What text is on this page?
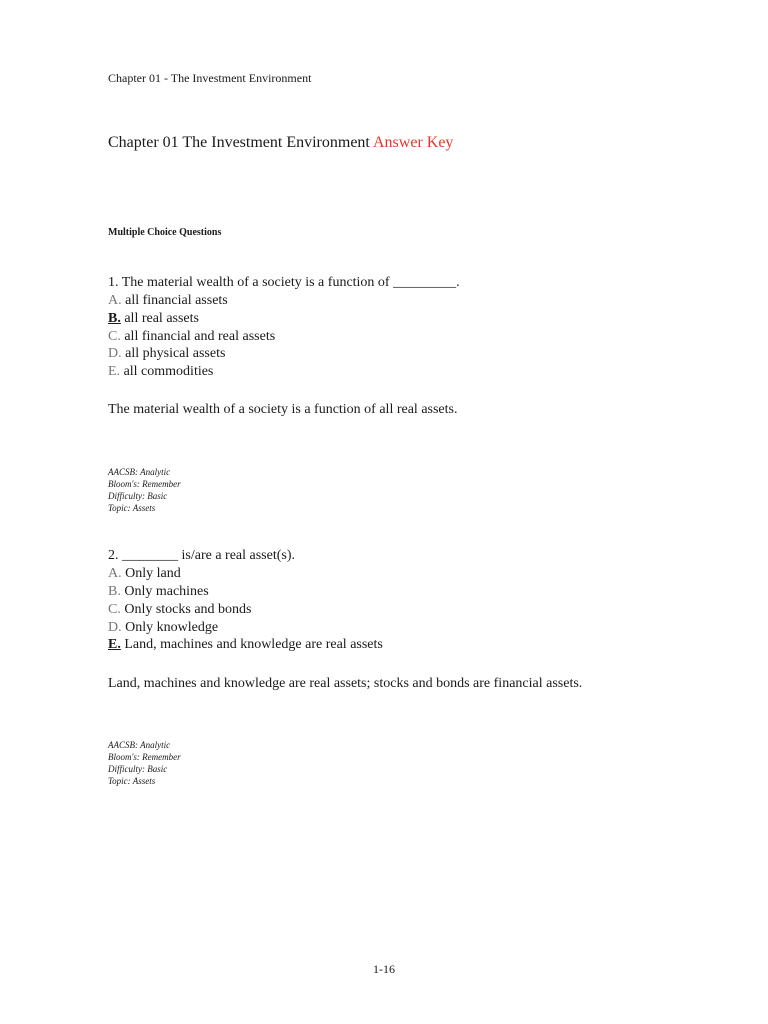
Chapter 01 - The Investment Environment
Chapter 01 The Investment Environment Answer Key
Multiple Choice Questions
1. The material wealth of a society is a function of _________.
A. all financial assets
B. all real assets
C. all financial and real assets
D. all physical assets
E. all commodities
The material wealth of a society is a function of all real assets.
AACSB: Analytic
Bloom's: Remember
Difficulty: Basic
Topic: Assets
2. ________ is/are a real asset(s).
A. Only land
B. Only machines
C. Only stocks and bonds
D. Only knowledge
E. Land, machines and knowledge are real assets
Land, machines and knowledge are real assets; stocks and bonds are financial assets.
AACSB: Analytic
Bloom's: Remember
Difficulty: Basic
Topic: Assets
1-16
